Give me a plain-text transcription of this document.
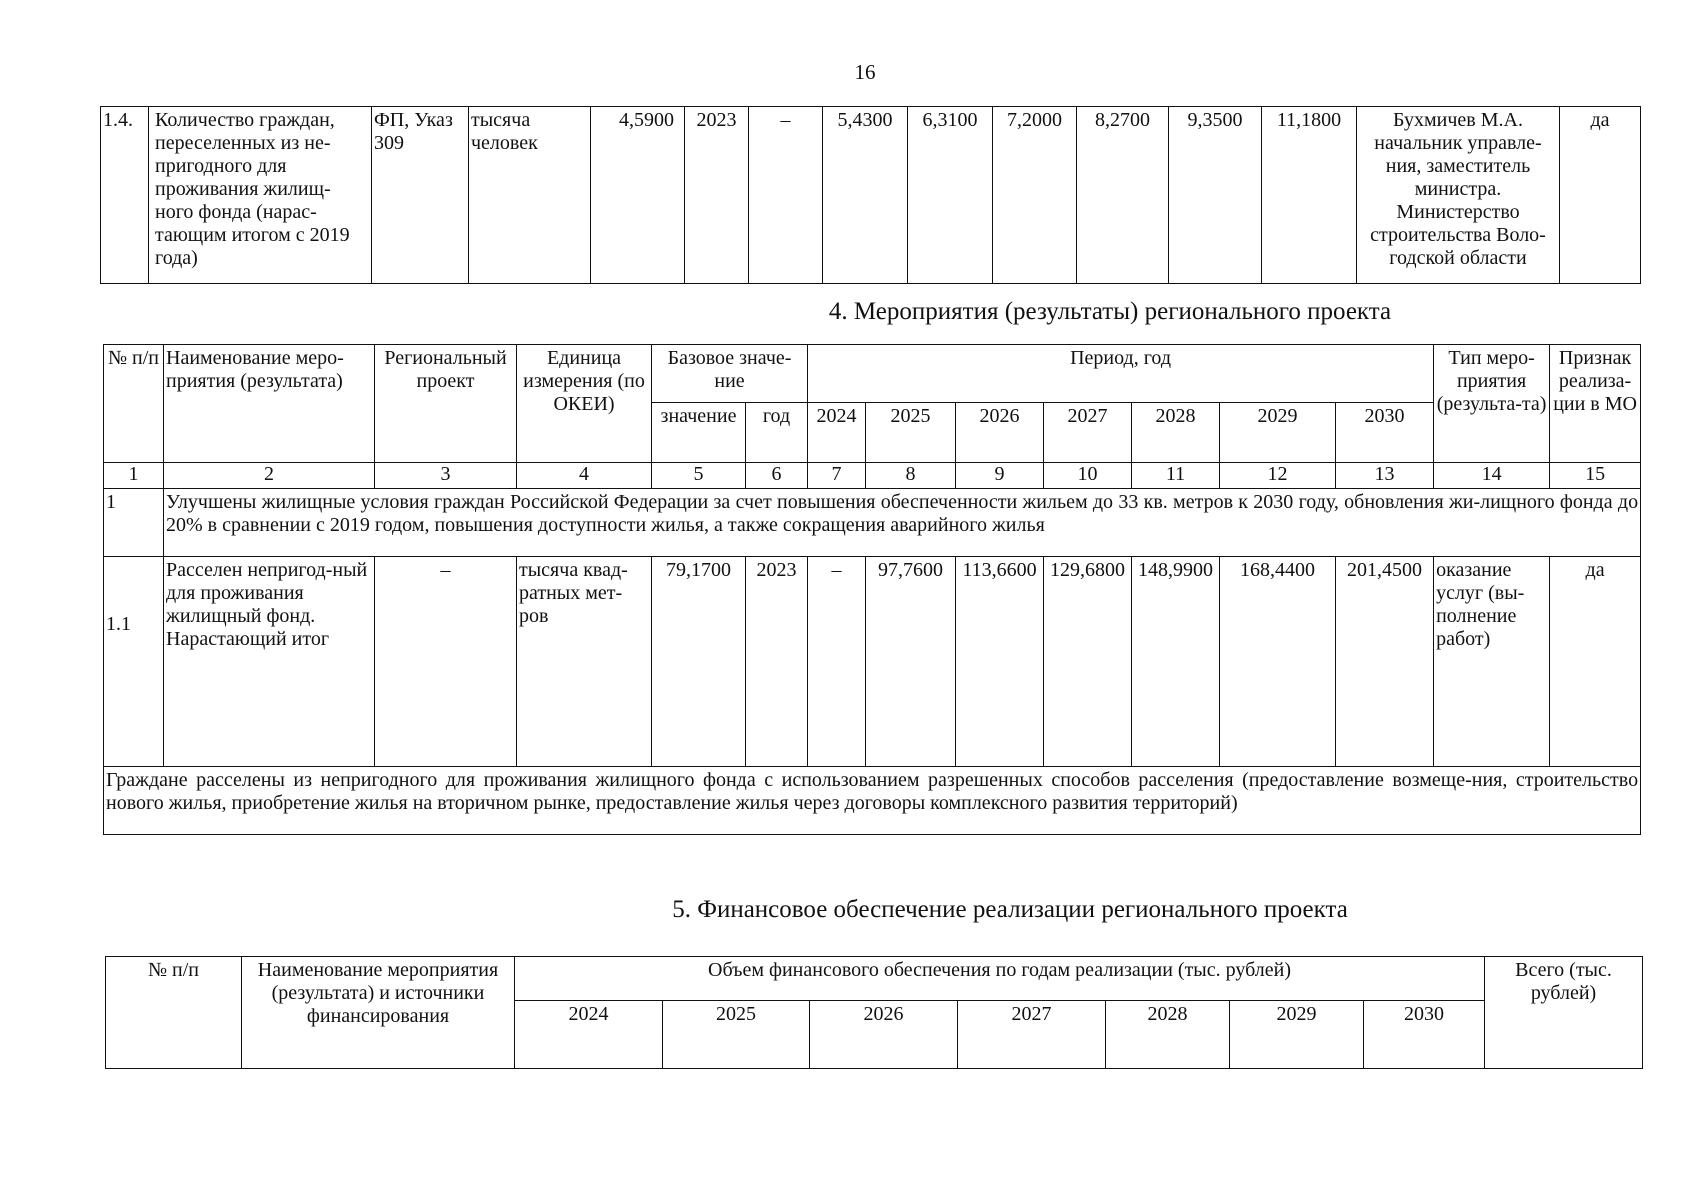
16
1.4.	Количество граждан, переселенных из не-пригодного для проживания жилищ-ного фонда (нарас-тающим итогом с 2019 года)	ФП, Указ 309	тысяча человек	4,5900	2023	–	5,4300	6,3100	7,2000	8,2700	9,3500	11,1800	Бухмичев М.А. начальник управле-ния, заместитель министра. Министерство строительства Воло-годской области	да
4. Мероприятия (результаты) регионального проекта
№ п/п	Наименование меро-приятия (результата)	Региональный проект	Единица измерения (по ОКЕИ)	Базовое значе-ние		Период, год							Тип меро-приятия (результа-та)	Признак реализа-ции в МО
				значение	год	2024	2025	2026	2027	2028	2029	2030		
1	2	3	4	5	6	7	8	9	10	11	12	13	14	15
1	Улучшены жилищные условия граждан Российской Федерации за счет повышения обеспеченности жильем до 33 кв. метров к 2030 году, обновления жи-лищного фонда до 20% в сравнении с 2019 годом, повышения доступности жилья, а также сокращения аварийного жилья													
1.1	Расселен непригод-ный для проживания жилищный фонд. Нарастающий итог	–	тысяча квад-ратных мет-ров	79,1700	2023	–	97,7600	113,6600	129,6800	148,9900	168,4400	201,4500	оказание услуг (вы-полнение работ)	да
Граждане расселены из непригодного для проживания жилищного фонда с использованием разрешенных способов расселения (предоставление возмеще-ния, строительство нового жилья, приобретение жилья на вторичном рынке, предоставление жилья через договоры комплексного развития территорий)														
5. Финансовое обеспечение реализации регионального проекта
№ п/п	Наименование мероприятия (результата) и источники финансирования	Объем финансового обеспечения по годам реализации (тыс. рублей)							Всего (тыс. рублей)
		2024	2025	2026	2027	2028	2029	2030	
